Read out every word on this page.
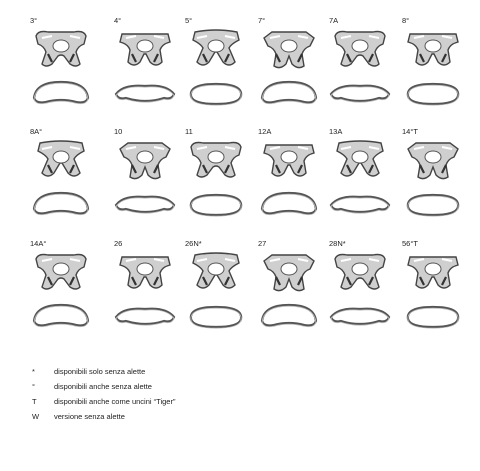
3°	4°	5°	7°	7A	8°
8A°	10	11	12A	13A	14°T
14A°	26	26N*	27	28N*	56°T
*	disponibili solo senza alette
°	disponibili anche senza alette
T	disponibili anche come uncini “Tiger”
W	versione senza alette
